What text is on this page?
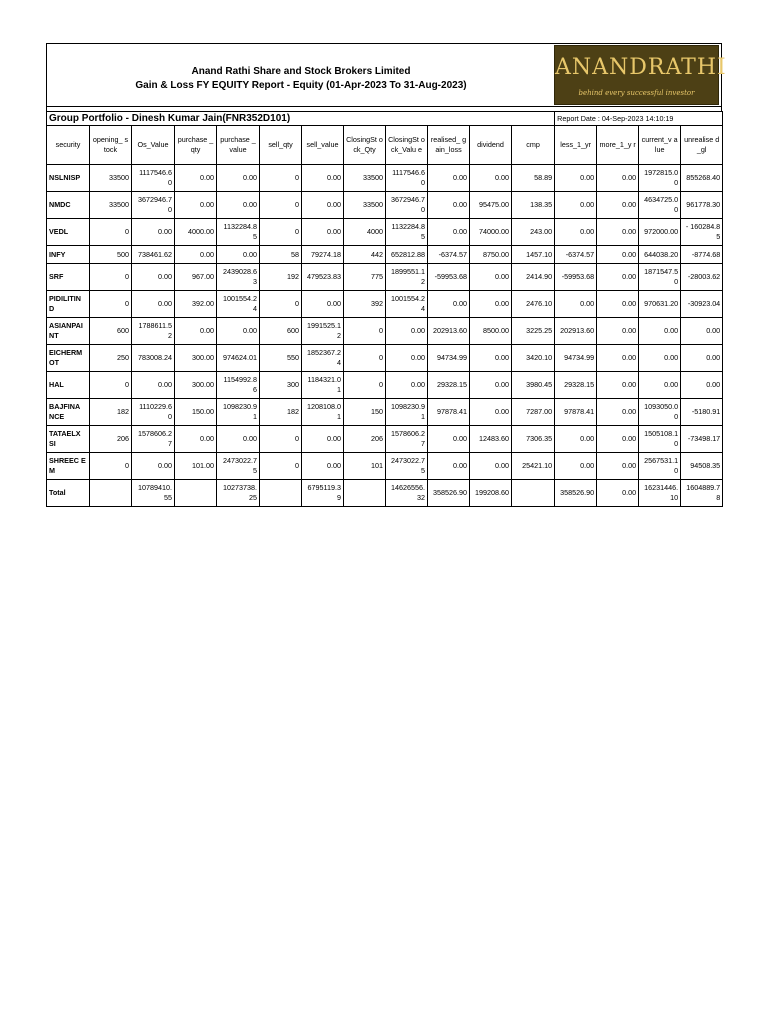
Anand Rathi Share and Stock Brokers Limited
Gain & Loss FY EQUITY Report - Equity (01-Apr-2023 To 31-Aug-2023)
ANANDRATHI
behind every successful investor
Group Portfolio - Dinesh Kumar Jain(FNR352D101)												Report Date : 04-Sep-2023 14:10:19			
security	opening_ stock	Os_Value	purchase _qty	purchase _value	sell_qty	sell_value	ClosingSt ock_Qty	ClosingSt ock_Valu e	realised_ gain_loss	dividend	cmp	less_1_yr	more_1_y r	current_v alue	unrealise d_gl
NSLNISP	33500	1117546.6 0	0.00	0.00	0	0.00	33500	1117546.6 0	0.00	0.00	58.89	0.00	0.00	1972815.0 0	855268.40
NMDC	33500	3672946.7 0	0.00	0.00	0	0.00	33500	3672946.7 0	0.00	95475.00	138.35	0.00	0.00	4634725.0 0	961778.30
VEDL	0	0.00	4000.00	1132284.8 5	0	0.00	4000	1132284.8 5	0.00	74000.00	243.00	0.00	0.00	972000.00	- 160284.85
INFY	500	738461.62	0.00	0.00	58	79274.18	442	652812.88	-6374.57	8750.00	1457.10	-6374.57	0.00	644038.20	-8774.68
SRF	0	0.00	967.00	2439028.6 3	192	479523.83	775	1899551.1 2	-59953.68	0.00	2414.90	-59953.68	0.00	1871547.5 0	-28003.62
PIDILITIN D	0	0.00	392.00	1001554.2 4	0	0.00	392	1001554.2 4	0.00	0.00	2476.10	0.00	0.00	970631.20	-30923.04
ASIANPAI NT	600	1788611.5 2	0.00	0.00	600	1991525.1 2	0	0.00	202913.60	8500.00	3225.25	202913.60	0.00	0.00	0.00
EICHERM OT	250	783008.24	300.00	974624.01	550	1852367.2 4	0	0.00	94734.99	0.00	3420.10	94734.99	0.00	0.00	0.00
HAL	0	0.00	300.00	1154992.8 6	300	1184321.0 1	0	0.00	29328.15	0.00	3980.45	29328.15	0.00	0.00	0.00
BAJFINA NCE	182	1110229.6 0	150.00	1098230.9 1	182	1208108.0 1	150	1098230.9 1	97878.41	0.00	7287.00	97878.41	0.00	1093050.0 0	-5180.91
TATAELX SI	206	1578606.2 7	0.00	0.00	0	0.00	206	1578606.2 7	0.00	12483.60	7306.35	0.00	0.00	1505108.1 0	-73498.17
SHREEC EM	0	0.00	101.00	2473022.7 5	0	0.00	101	2473022.7 5	0.00	0.00	25421.10	0.00	0.00	2567531.1 0	94508.35
Total		10789410. 55		10273738. 25		6795119.3 9		14626556. 32	358526.90	199208.60		358526.90	0.00	16231446. 10	1604889.7 8
